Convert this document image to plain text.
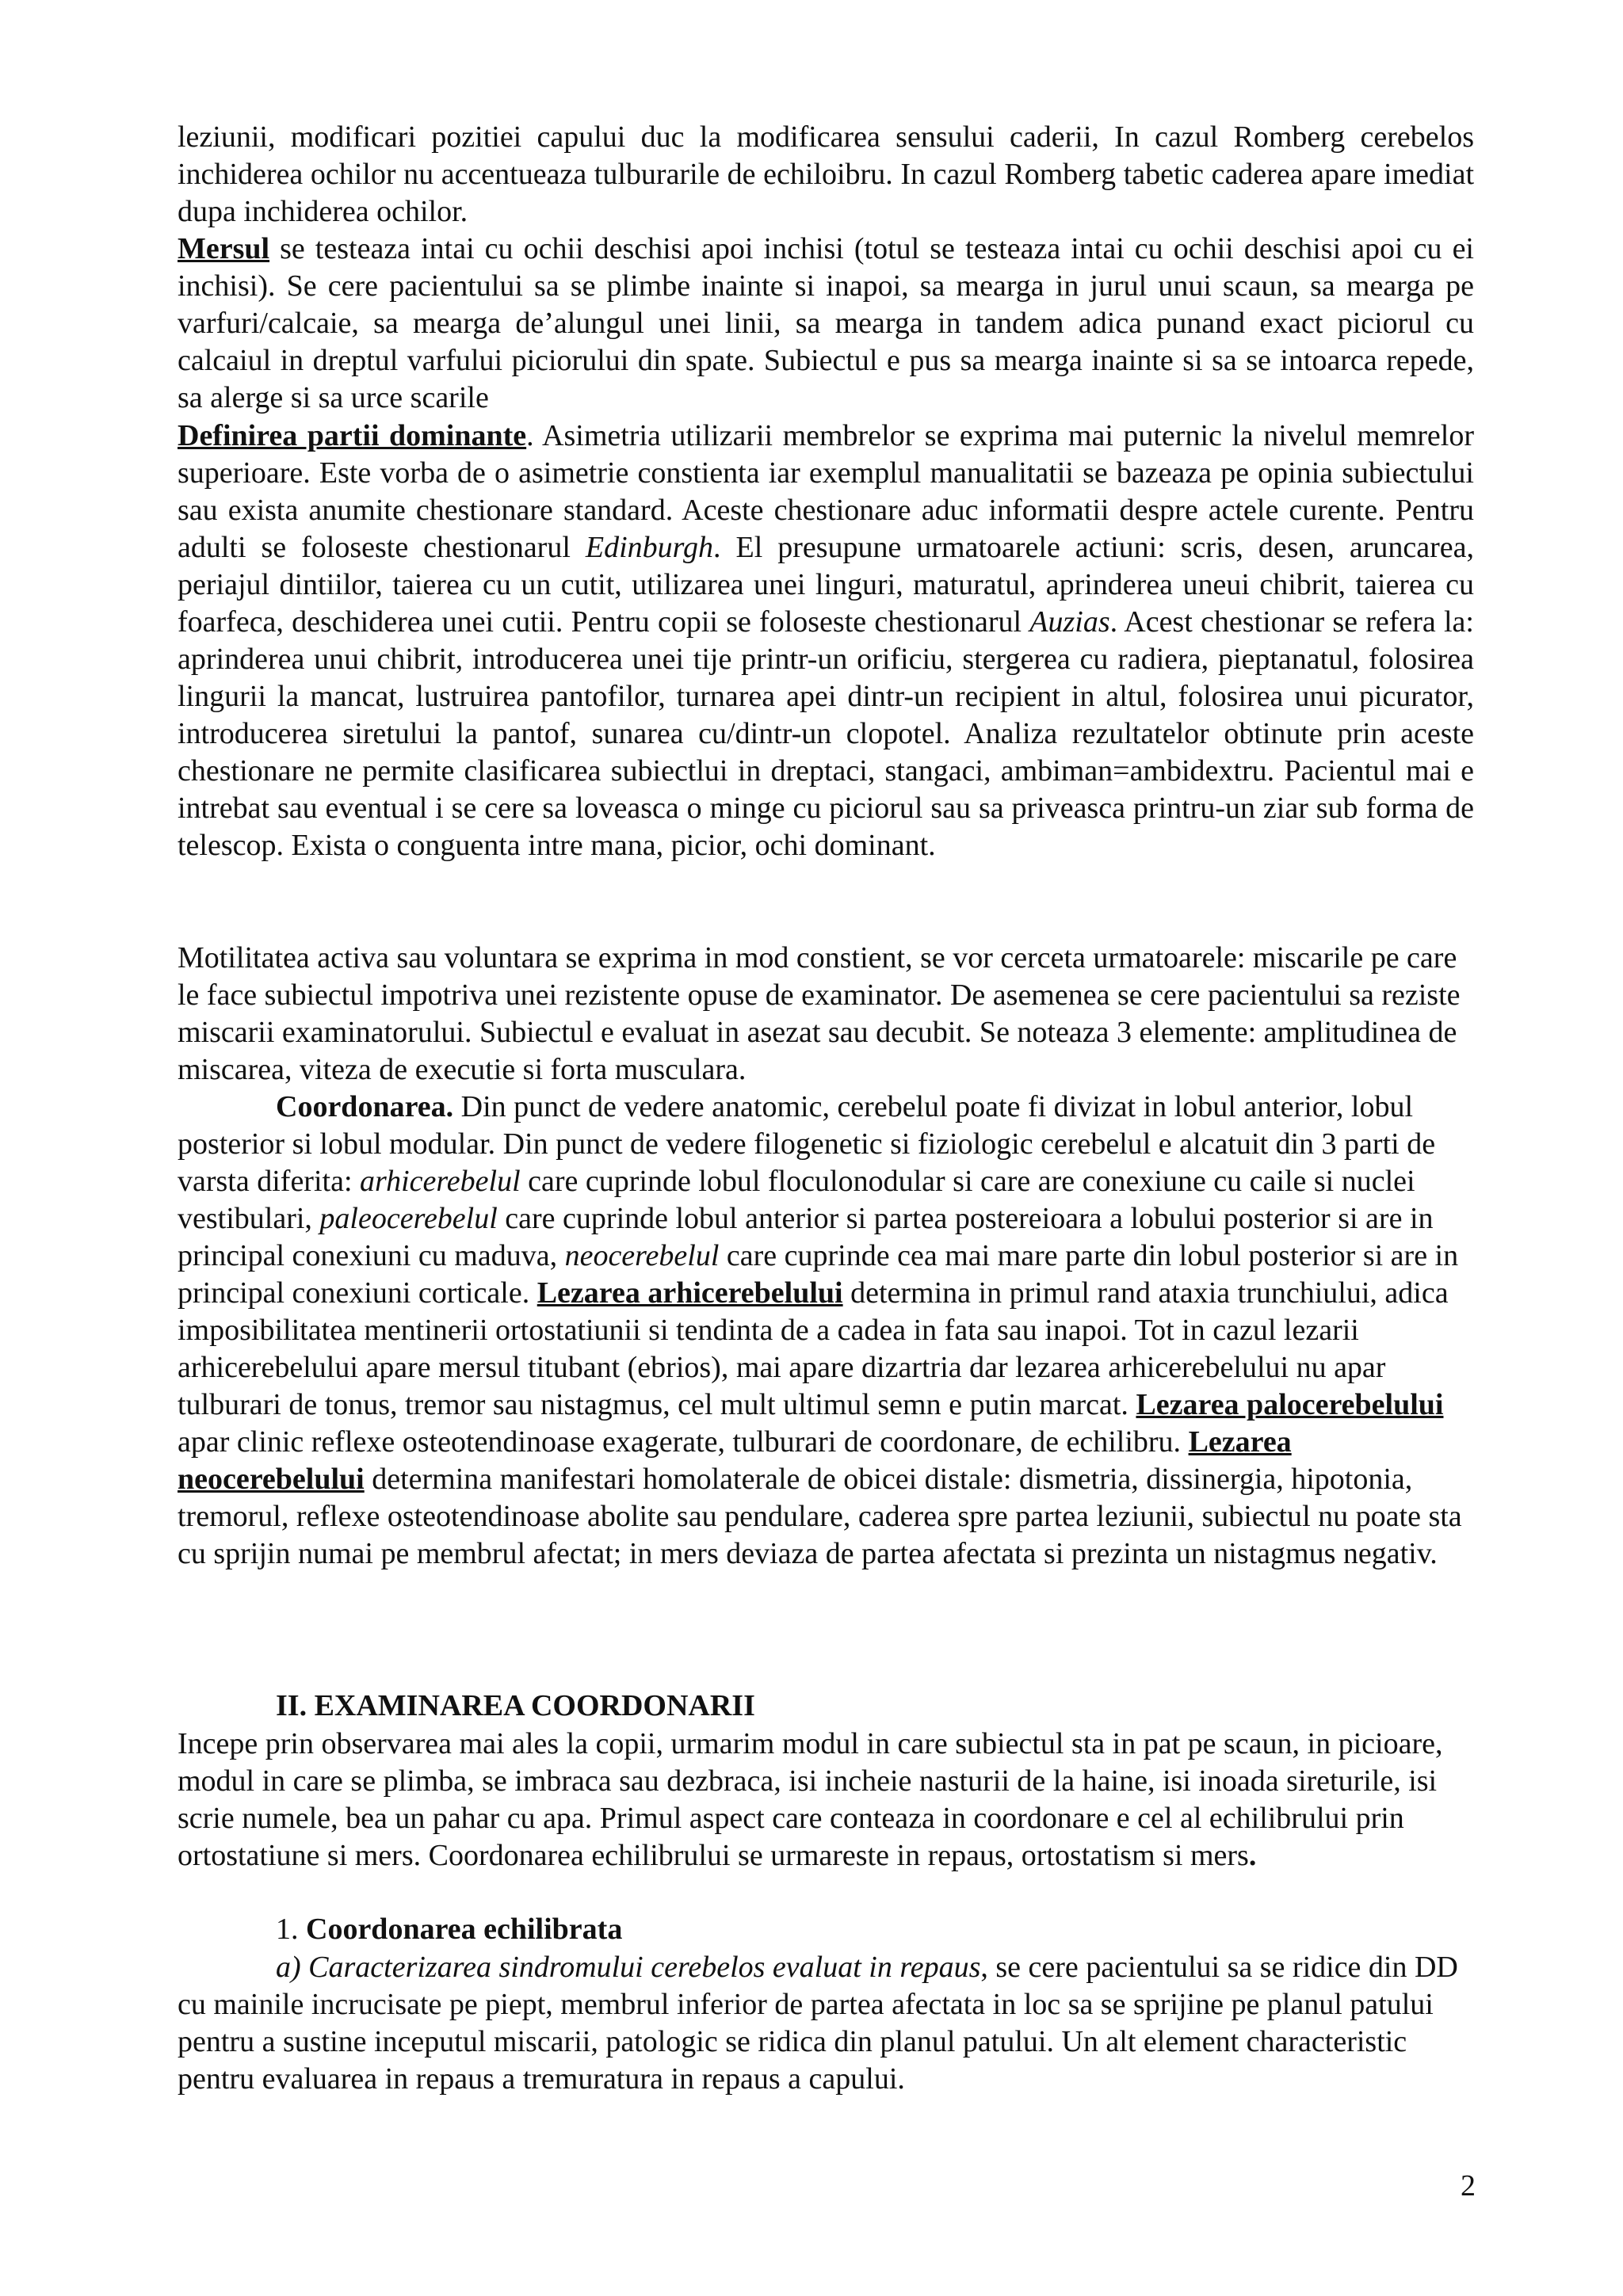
leziunii, modificari pozitiei capului duc la modificarea sensului caderii, In cazul Romberg cerebelos inchiderea ochilor nu accentueaza tulburarile de echiloibru. In cazul Romberg tabetic caderea apare imediat dupa inchiderea ochilor.

Mersul se testeaza intai cu ochii deschisi apoi inchisi (totul se testeaza intai cu ochii deschisi apoi cu ei inchisi). Se cere pacientului sa se plimbe inainte si inapoi, sa mearga in jurul unui scaun, sa mearga pe varfuri/calcaie, sa mearga de’alungul unei linii, sa mearga in tandem adica punand exact piciorul cu calcaiul in dreptul varfului piciorului din spate. Subiectul e pus sa mearga inainte si sa se intoarca repede, sa alerge si sa urce scarile

Definirea partii dominante. Asimetria utilizarii membrelor se exprima mai puternic la nivelul memrelor superioare. Este vorba de o asimetrie constienta iar exemplul manualitatii se bazeaza pe opinia subiectului sau exista anumite chestionare standard. Aceste chestionare aduc informatii despre actele curente. Pentru adulti se foloseste chestionarul Edinburgh. El presupune urmatoarele actiuni: scris, desen, aruncarea, periajul dintiilor, taierea cu un cutit, utilizarea unei linguri, maturatul, aprinderea uneui chibrit, taierea cu foarfeca, deschiderea unei cutii. Pentru copii se foloseste chestionarul Auzias. Acest chestionar se refera la: aprinderea unui chibrit, introducerea unei tije printr-un orificiu, stergerea cu radiera, pieptanatul, folosirea lingurii la mancat, lustruirea pantofilor, turnarea apei dintr-un recipient in altul, folosirea unui picurator, introducerea siretului la pantof, sunarea cu/dintr-un clopotel. Analiza rezultatelor obtinute prin aceste chestionare ne permite clasificarea subiectlui in dreptaci, stangaci, ambiman=ambidextru. Pacientul mai e intrebat sau eventual i se cere sa loveasca o minge cu piciorul sau sa priveasca printru-un ziar sub forma de telescop. Exista o conguenta intre mana, picior, ochi dominant.

Motilitatea activa sau voluntara se exprima in mod constient, se vor cerceta urmatoarele: miscarile pe care le face subiectul impotriva unei rezistente opuse de examinator. De asemenea se cere pacientului sa reziste miscarii examinatorului. Subiectul e evaluat in asezat sau decubit. Se noteaza 3 elemente: amplitudinea de miscarea, viteza de executie si forta musculara.

Coordonarea. Din punct de vedere anatomic, cerebelul poate fi divizat in lobul anterior, lobul posterior si lobul modular. Din punct de vedere filogenetic si fiziologic cerebelul e alcatuit din 3 parti de varsta diferita: arhicerebelul care cuprinde lobul floculonodular si care are conexiune cu caile si nuclei vestibulari, paleocerebelul care cuprinde lobul anterior si partea postereioara a lobului posterior si are in principal conexiuni cu maduva, neocerebelul care cuprinde cea mai mare parte din lobul posterior si are in principal conexiuni corticale. Lezarea arhicerebelului determina in primul rand ataxia trunchiului, adica imposibilitatea mentinerii ortostatiunii si tendinta de a cadea in fata sau inapoi. Tot in cazul lezarii arhicerebelului apare mersul titubant (ebrios), mai apare dizartria dar lezarea arhicerebelului nu apar tulburari de tonus, tremor sau nistagmus, cel mult ultimul semn e putin marcat. Lezarea palocerebelului apar clinic reflexe osteotendinoase exagerate, tulburari de coordonare, de echilibru. Lezarea neocerebelului determina manifestari homolaterale de obicei distale: dismetria, dissinergia, hipotonia, tremorul, reflexe osteotendinoase abolite sau pendulare, caderea spre partea leziunii, subiectul nu poate sta cu sprijin numai pe membrul afectat; in mers deviaza de partea afectata si prezinta un nistagmus negativ.

II. EXAMINAREA COORDONARII

Incepe prin observarea mai ales la copii, urmarim modul in care subiectul sta in pat pe scaun, in picioare, modul in care se plimba, se imbraca sau dezbraca, isi incheie nasturii de la haine, isi inoada sireturile, isi scrie numele, bea un pahar cu apa. Primul aspect care conteaza in coordonare e cel al echilibrului prin ortostatiune si mers. Coordonarea echilibrului se urmareste in repaus, ortostatism si mers.

1. Coordonarea echilibrata

a) Caracterizarea sindromului cerebelos evaluat in repaus, se cere pacientului sa se ridice din DD cu mainile incrucisate pe piept, membrul inferior de partea afectata in loc sa se sprijine pe planul patului pentru a sustine inceputul miscarii, patologic se ridica din planul patului. Un alt element characteristic pentru evaluarea in repaus a tremuratura in repaus a capului.

2
